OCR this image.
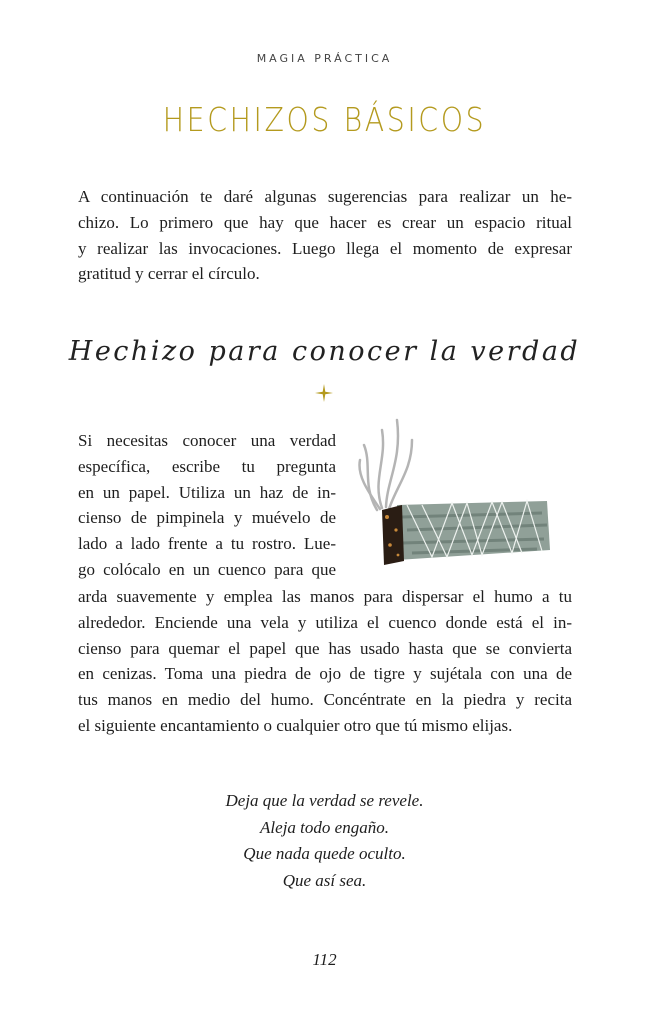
MAGIA PRÁCTICA
HECHIZOS BÁSICOS
A continuación te daré algunas sugerencias para realizar un he-
chizo. Lo primero que hay que hacer es crear un espacio ritual
y realizar las invocaciones. Luego llega el momento de expresar
gratitud y cerrar el círculo.
Hechizo para conocer la verdad
Si necesitas conocer una verdad
específica, escribe tu pregunta
en un papel. Utiliza un haz de in-
cienso de pimpinela y muévelo de
lado a lado frente a tu rostro. Lue-
go colócalo en un cuenco para que
arda suavemente y emplea las manos para dispersar el humo a tu
alrededor. Enciende una vela y utiliza el cuenco donde está el in-
cienso para quemar el papel que has usado hasta que se convierta
en cenizas. Toma una piedra de ojo de tigre y sujétala con una de
tus manos en medio del humo. Concéntrate en la piedra y recita
el siguiente encantamiento o cualquier otro que tú mismo elijas.
Deja que la verdad se revele.
Aleja todo engaño.
Que nada quede oculto.
Que así sea.
112
